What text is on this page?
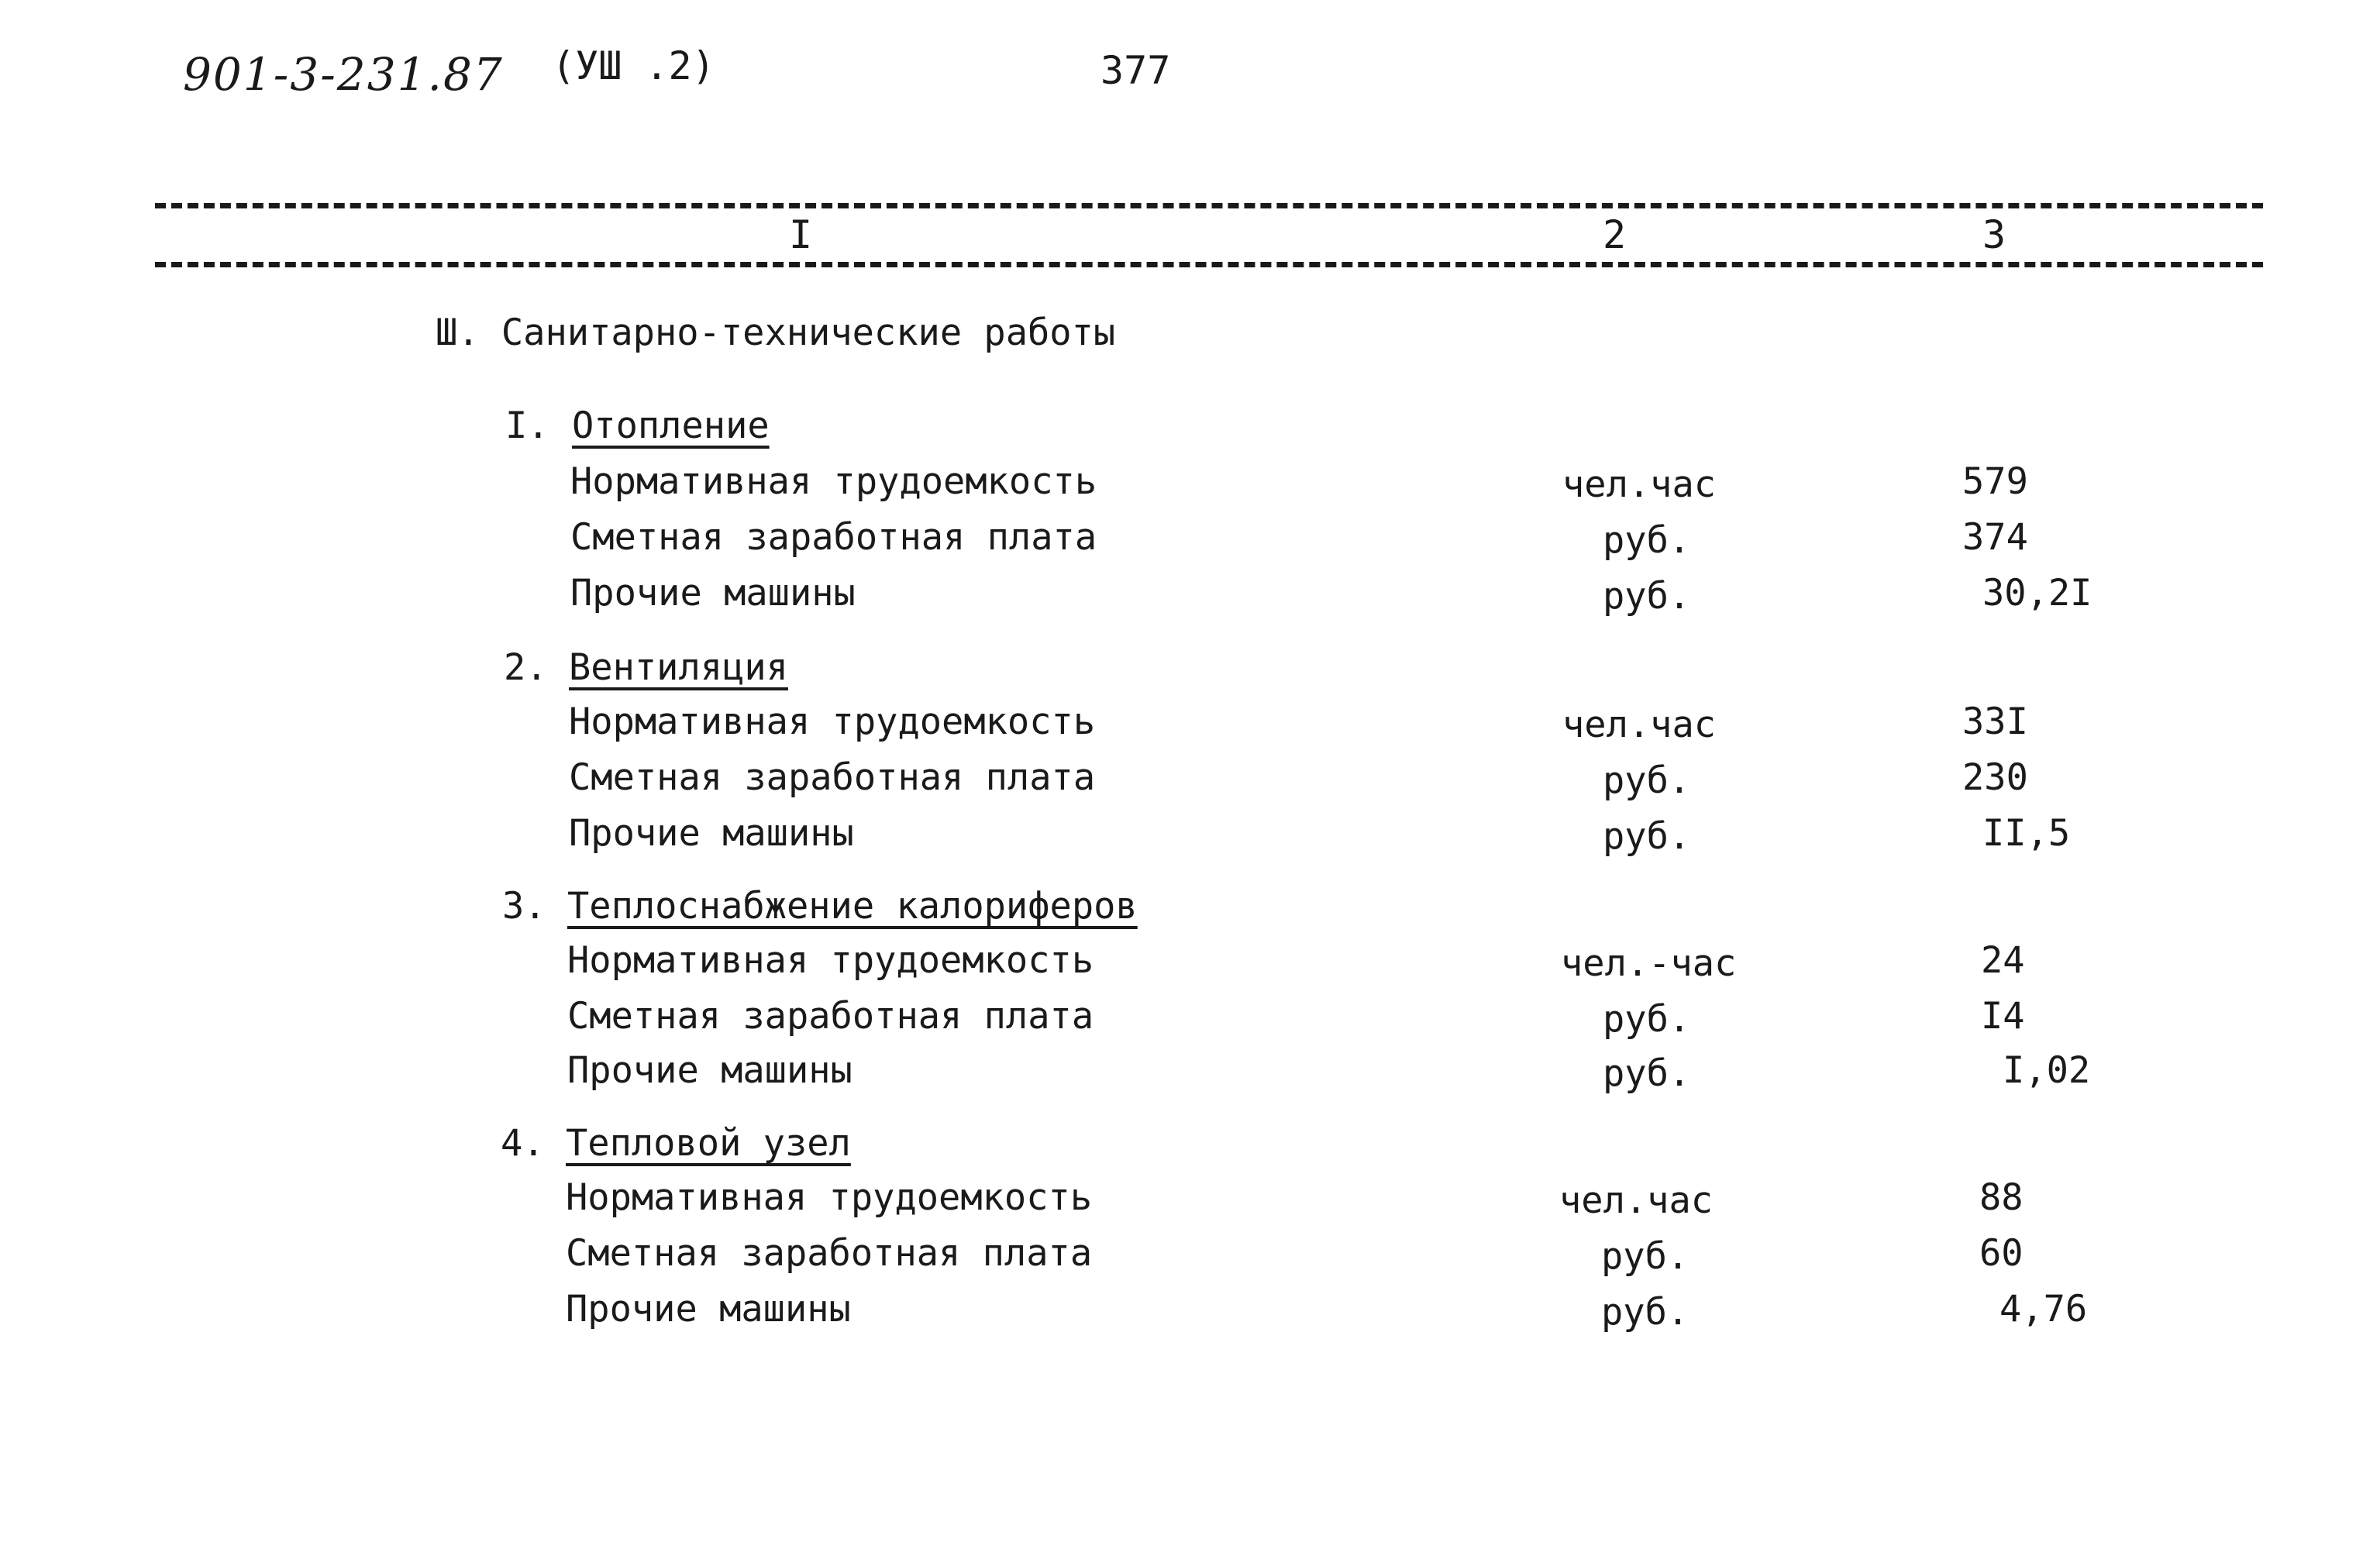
901-3-231.87 (УШ .2)	377
I	2	3
Ш. Санитарно-технические работы
I. Отопление
Нормативная трудоемкость	чел.час	579
Сметная заработная плата	руб.	374
Прочие машины	руб.	30,2I
2. Вентиляция
Нормативная трудоемкость	чел.час	33I
Сметная заработная плата	руб.	230
Прочие машины	руб.	II,5
3. Теплоснабжение калориферов
Нормативная трудоемкость	чел.-час	24
Сметная заработная плата	руб.	I4
Прочие машины	руб.	I,02
4. Тепловой узел
Нормативная трудоемкость	чел.час	88
Сметная заработная плата	руб.	60
Прочие машины	руб.	4,76
